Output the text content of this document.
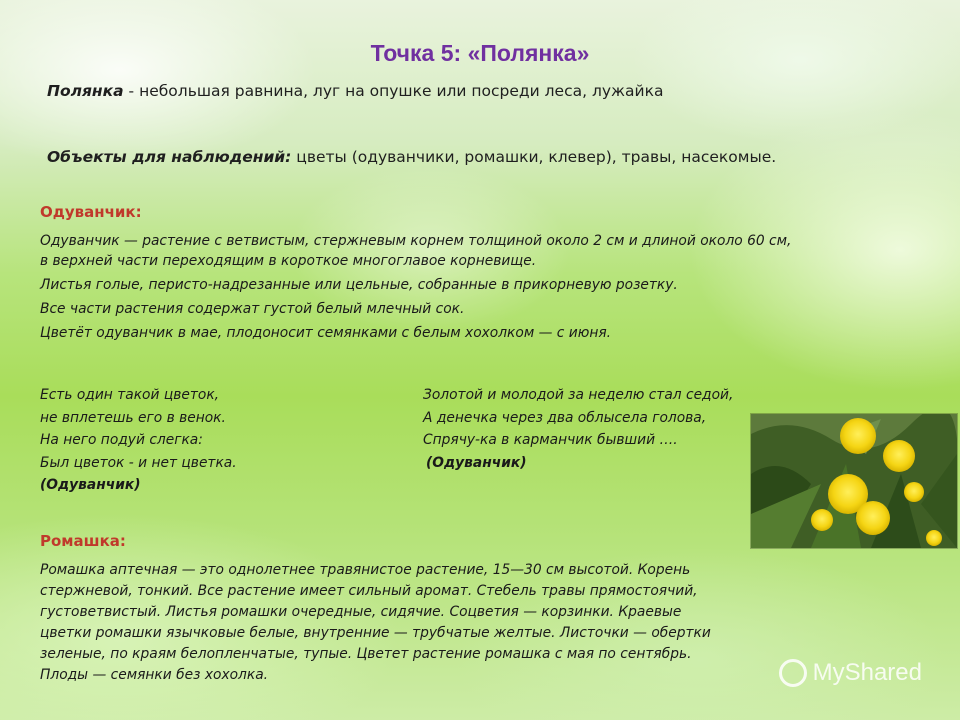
Точка 5: «Полянка»
Полянка - небольшая равнина, луг на опушке или посреди леса, лужайка
Объекты для наблюдений: цветы (одуванчики, ромашки, клевер), травы, насекомые.
Одуванчик:
Одуванчик — растение с ветвистым, стержневым корнем толщиной около 2 см и длиной около 60 см,
в верхней части переходящим в короткое многоглавое корневище.
Листья голые, перисто-надрезанные или цельные, собранные в прикорневую розетку.
Все части растения содержат густой белый млечный сок.
Цветёт одуванчик в мае, плодоносит семянками с белым хохолком — с июня.
Есть один такой цветок,
не вплетешь его в венок.
На него подуй слегка:
Был цветок - и нет цветка.
(Одуванчик)
Золотой и молодой за неделю стал седой,
А денечка через два облысела голова,
Спрячу-ка в карманчик бывший ….
(Одуванчик)
Ромашка:
Ромашка аптечная — это однолетнее травянистое растение, 15—30 см высотой. Корень
стержневой, тонкий. Все растение имеет сильный аромат. Стебель травы прямостоячий,
густоветвистый. Листья ромашки очередные, сидячие. Соцветия — корзинки. Краевые
цветки ромашки язычковые белые, внутренние — трубчатые желтые. Листочки — обертки
зеленые, по краям белопленчатые, тупые. Цветет растение ромашка с мая по сентябрь.
Плоды — семянки без хохолка.	MyShared
